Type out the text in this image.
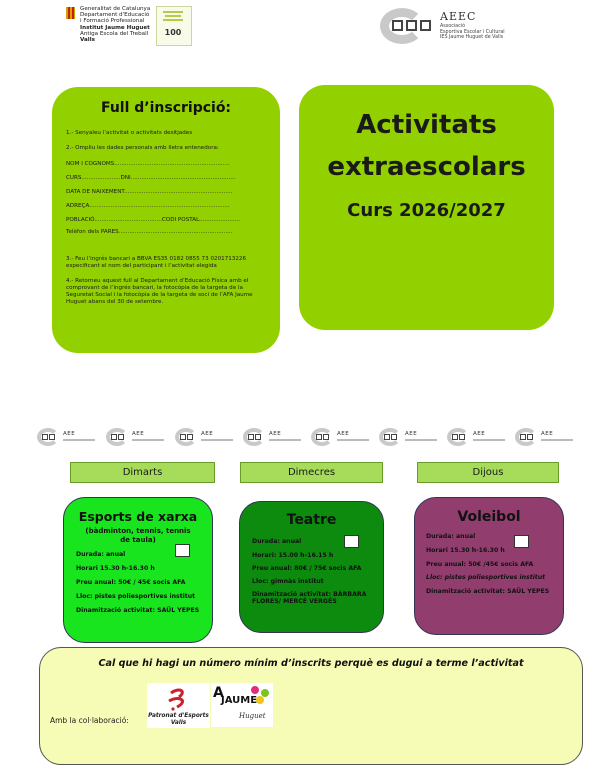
Generalitat de Catalunya
Departament d'Educació
i Formació Professional
Institut Jaume Huguet
Antiga Escola del Treball
Valls
100
AEEC
Associació
Esportiva Escolar i Cultural
IES Jaume Huguet de Valls
Full d’inscripció:

1.- Senyaleu l’activitat o activitats desitjades

2.- Ompliu les dades personals amb lletra entenedora:

NOM I COGNOMS.................................................................

CURS......................DNI...........................................................

DATA DE NAIXEMENT.............................................................

ADREÇA...............................................................................

POBLACIÓ......................................CODI POSTAL.......................

Telèfon dels PARES................................................................

3.- Feu l’ingrés bancari a BBVA ES35 0182 0855 73 0201713226 especificant el nom del participant i l’activitat elegida

4.- Retorneu aquest full al Departament d’Educació Física amb el comprovant de l’ingrés bancari, la fotocòpia de la targeta de la Seguretat Social i la fotocòpia de la targeta de soci de l’AFA Jaume Huguet abans del 30 de setembre.

Activitats
extraescolars
Curs 2026/2027
AEE	AEE	AEE	AEE	AEE	AEE	AEE	AEE
Dimarts	Dimecres	Dijous
Esports de xarxa
(bàdminton, tennis, tennis de taula)
Durada: anual
Horari 15.30 h-16.30 h
Preu anual: 50€ / 45€ socis AFA
Lloc: pistes poliesportives institut
Dinamització activitat: SAÜL YEPES
Teatre
Durada: anual
Horari: 15.00 h-16.15 h
Preu anual: 80€ / 75€ socis AFA
Lloc: gimnàs institut
Dinamització activitat: BÀRBARA FLORES/ MERCÈ VERGÉS
Voleibol
Durada: anual
Horari 15.30 h-16.30 h
Preu anual: 50€ /45€ socis AFA
Lloc: pistes poliesportives institut
Dinamització activitat: SAÜL YEPES
Cal que hi hagi un número mínim d’inscrits perquè es dugui a terme l’activitat
Amb la col·laboració:	Patronat d'Esports
Valls
A
JAUME
Huguet
